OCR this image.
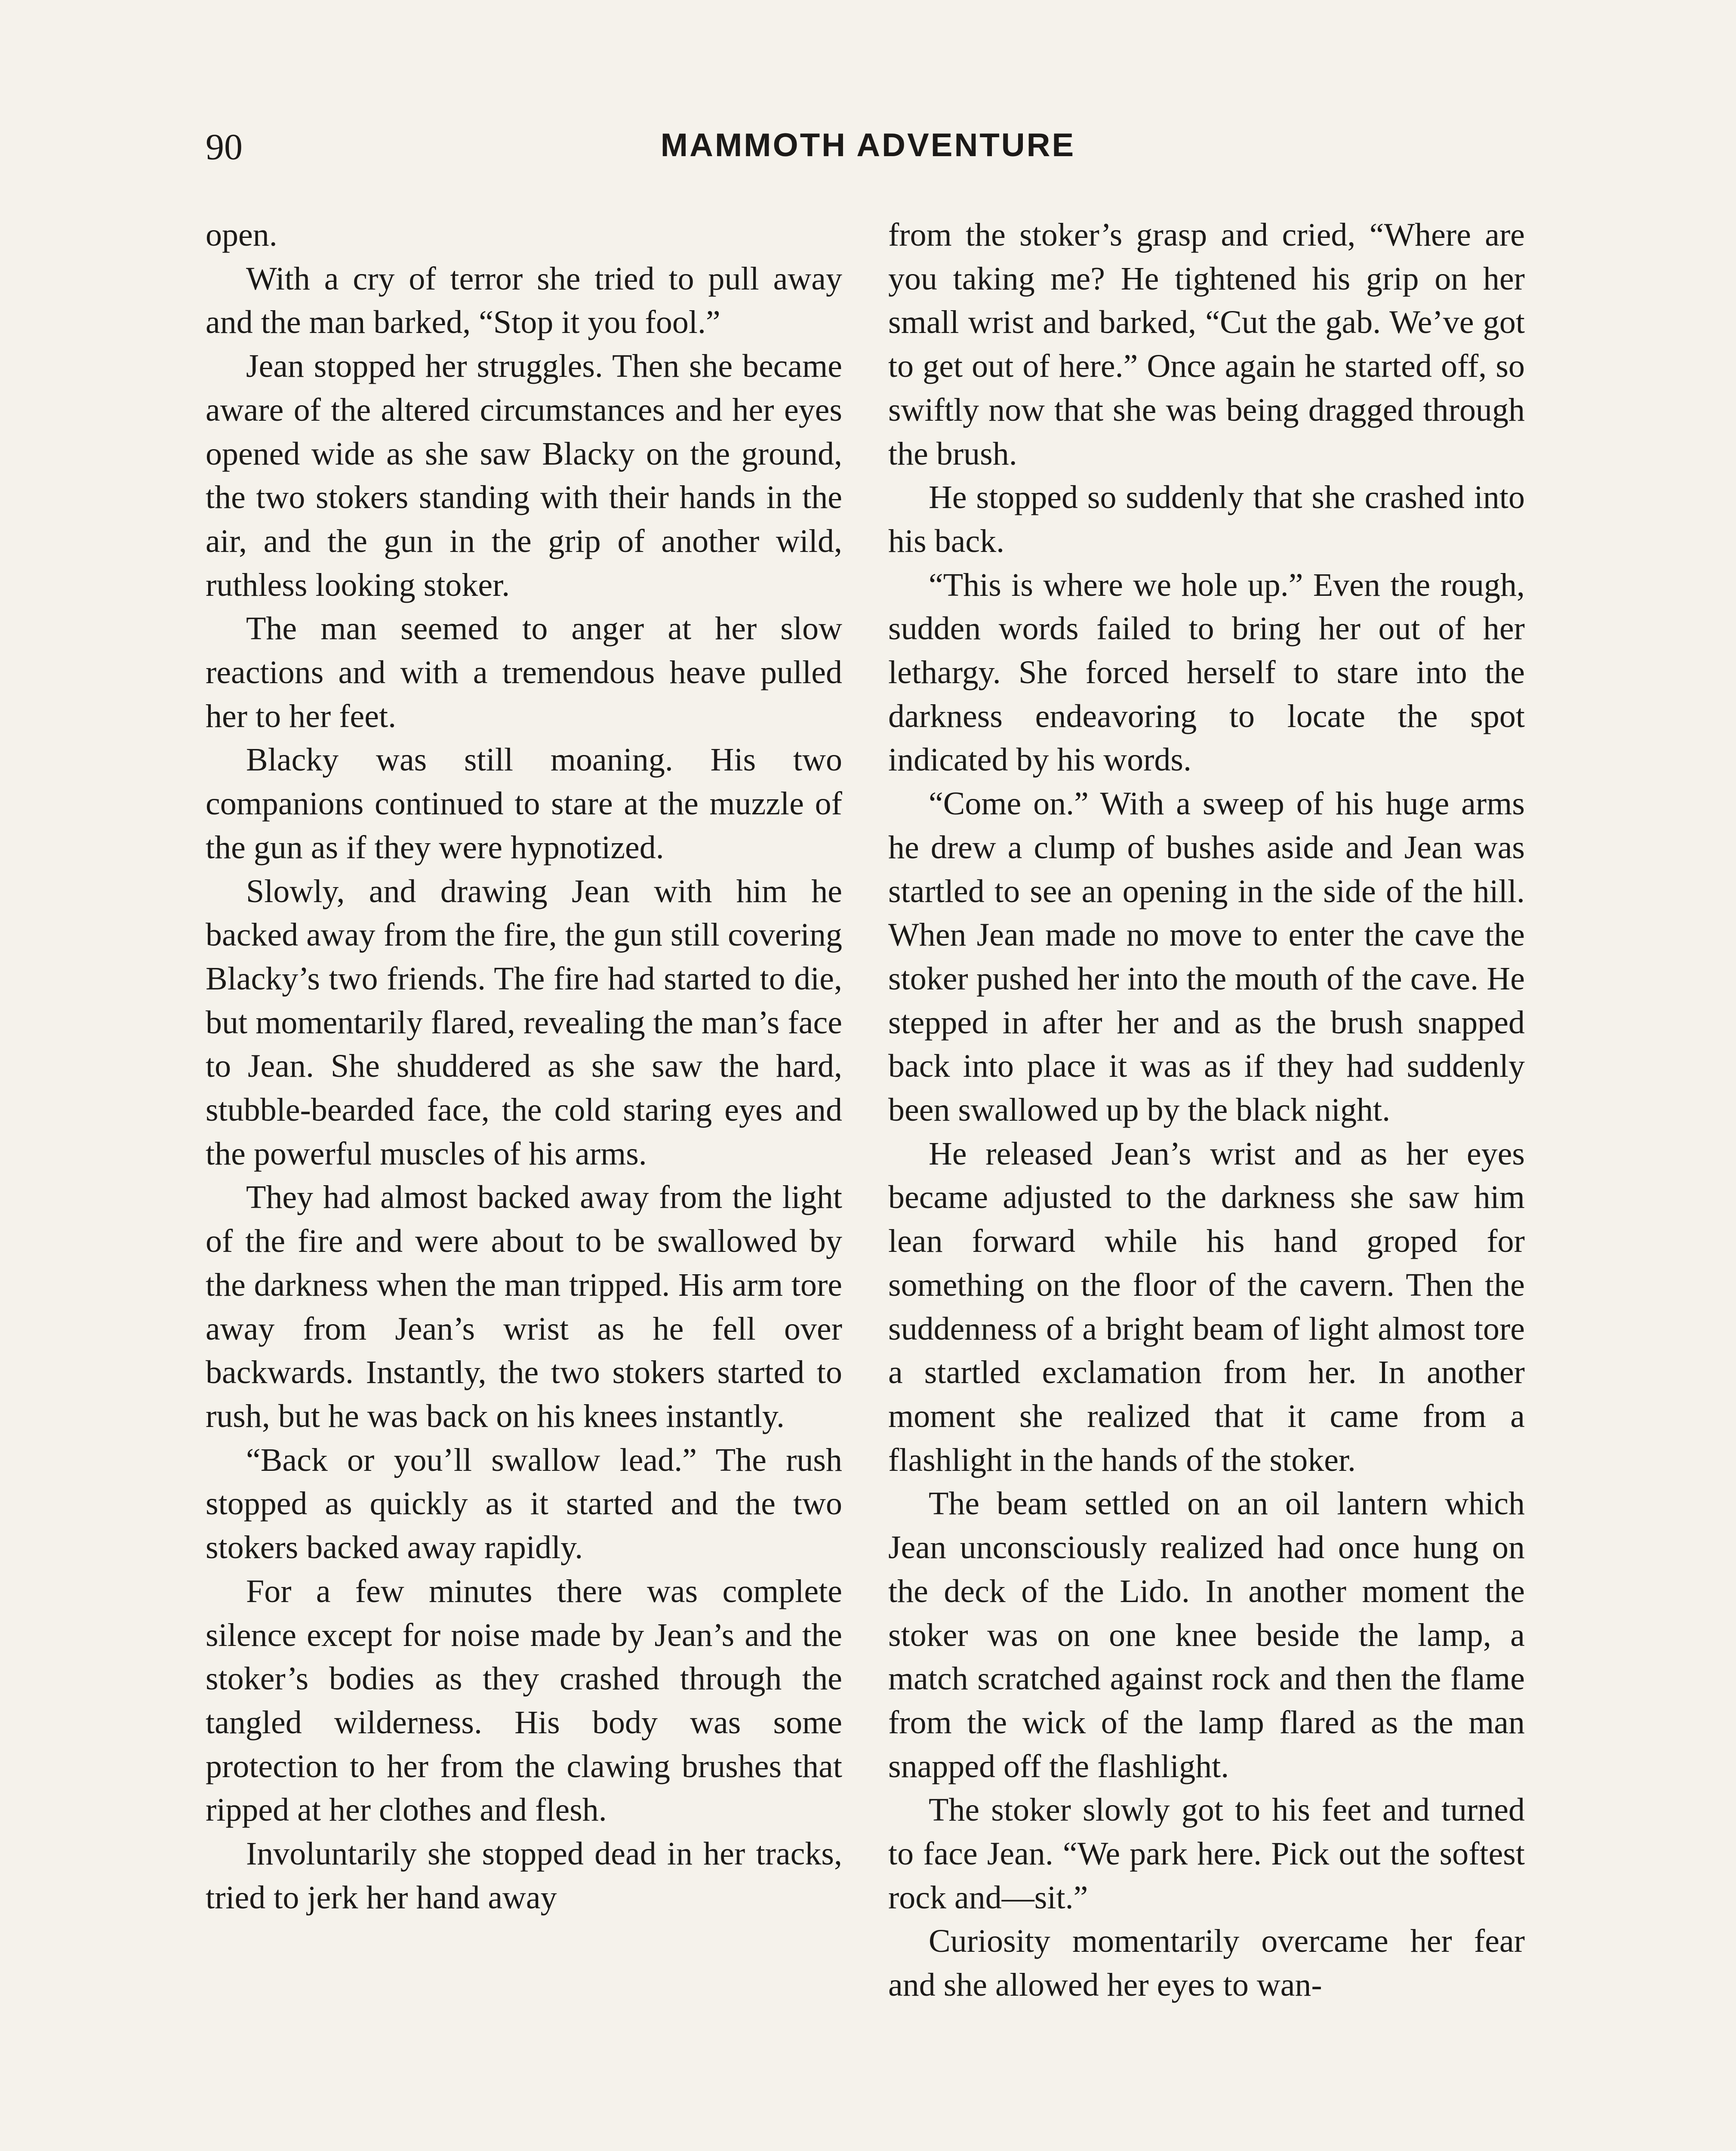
90	MAMMOTH ADVENTURE

open.

With a cry of terror she tried to pull away and the man barked, “Stop it you fool.”

Jean stopped her struggles. Then she became aware of the altered circumstances and her eyes opened wide as she saw Blacky on the ground, the two stokers standing with their hands in the air, and the gun in the grip of another wild, ruthless looking stoker.

The man seemed to anger at her slow reactions and with a tremendous heave pulled her to her feet.

Blacky was still moaning. His two companions continued to stare at the muzzle of the gun as if they were hypnotized.

Slowly, and drawing Jean with him he backed away from the fire, the gun still covering Blacky’s two friends. The fire had started to die, but momentarily flared, revealing the man’s face to Jean. She shuddered as she saw the hard, stubble-bearded face, the cold staring eyes and the powerful muscles of his arms.

They had almost backed away from the light of the fire and were about to be swallowed by the darkness when the man tripped. His arm tore away from Jean’s wrist as he fell over backwards. Instantly, the two stokers started to rush, but he was back on his knees instantly.

“Back or you’ll swallow lead.” The rush stopped as quickly as it started and the two stokers backed away rapidly.

For a few minutes there was complete silence except for noise made by Jean’s and the stoker’s bodies as they crashed through the tangled wilderness. His body was some protection to her from the clawing brushes that ripped at her clothes and flesh.

Involuntarily she stopped dead in her tracks, tried to jerk her hand away

from the stoker’s grasp and cried, “Where are you taking me? He tightened his grip on her small wrist and barked, “Cut the gab. We’ve got to get out of here.” Once again he started off, so swiftly now that she was being dragged through the brush.

He stopped so suddenly that she crashed into his back.

“This is where we hole up.” Even the rough, sudden words failed to bring her out of her lethargy. She forced herself to stare into the darkness endeavoring to locate the spot indicated by his words.

“Come on.” With a sweep of his huge arms he drew a clump of bushes aside and Jean was startled to see an opening in the side of the hill. When Jean made no move to enter the cave the stoker pushed her into the mouth of the cave. He stepped in after her and as the brush snapped back into place it was as if they had suddenly been swallowed up by the black night.

He released Jean’s wrist and as her eyes became adjusted to the darkness she saw him lean forward while his hand groped for something on the floor of the cavern. Then the suddenness of a bright beam of light almost tore a startled exclamation from her. In another moment she realized that it came from a flashlight in the hands of the stoker.

The beam settled on an oil lantern which Jean unconsciously realized had once hung on the deck of the Lido. In another moment the stoker was on one knee beside the lamp, a match scratched against rock and then the flame from the wick of the lamp flared as the man snapped off the flashlight.

The stoker slowly got to his feet and turned to face Jean. “We park here. Pick out the softest rock and—sit.”

Curiosity momentarily overcame her fear and she allowed her eyes to wan-
